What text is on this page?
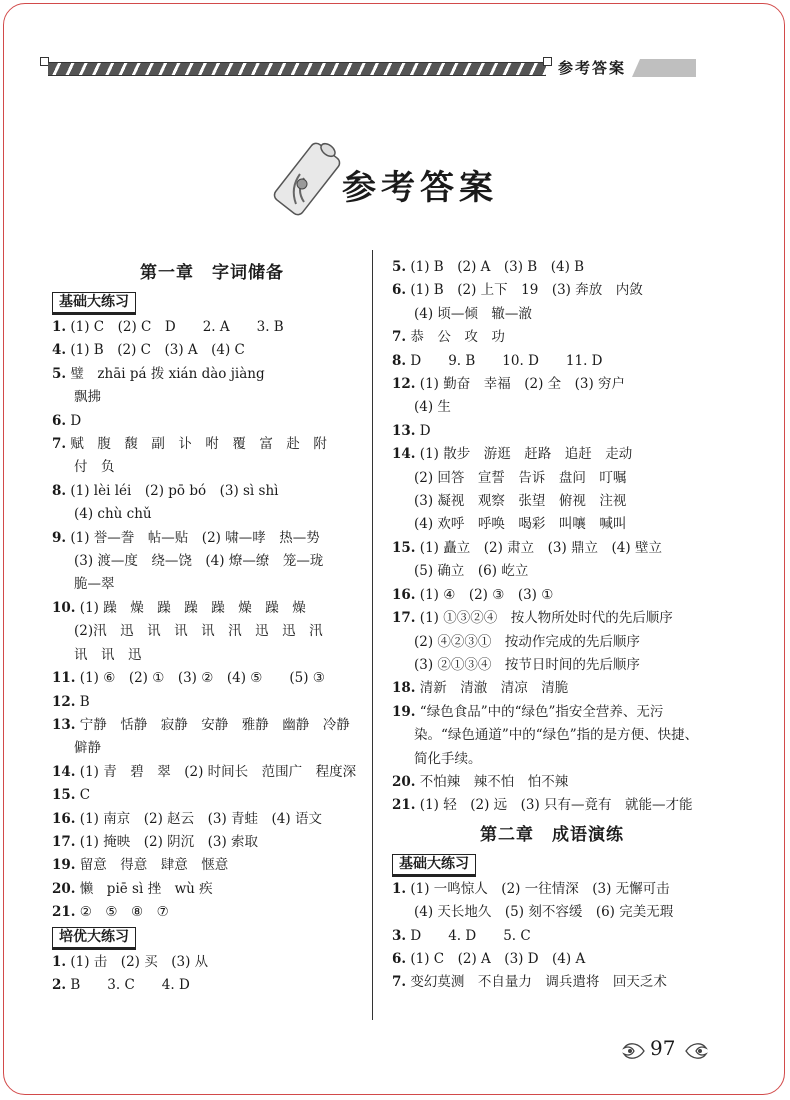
参考答案
参考答案
第一章　字词储备
基础大练习
1. (1) C　(2) C　D　　2. A　　3. B
4. (1) B　(2) C　(3) A　(4) C
5. 璧　zhāi pá 拨 xián dào jiàng
飘拂
6. D
7. 赋　腹　馥　副　讣　咐　覆　富　赴　附
付　负
8. (1) lèi léi　(2) pō bó　(3) sì shì
(4) chù chǔ
9. (1) 誉—誊　帖—贴　(2) 啸—哮　热—势
(3) 渡—度　绕—饶　(4) 燎—缭　笼—珑
脆—翠
10. (1) 躁　燥　躁　躁　躁　燥　躁　燥
(2)汛　迅　讯　讯　讯　汛　迅　迅　汛
讯　讯　迅
11. (1) ⑥　(2) ①　(3) ②　(4) ⑤　　(5) ③
12. B
13. 宁静　恬静　寂静　安静　雅静　幽静　冷静
僻静
14. (1) 青　碧　翠　(2) 时间长　范围广　程度深
15. C
16. (1) 南京　(2) 赵云　(3) 青蛙　(4) 语文
17. (1) 掩映　(2) 阴沉　(3) 索取
19. 留意　得意　肆意　惬意
20. 懒　piē sì 挫　wù 疾
21. ②　⑤　⑧　⑦
培优大练习
1. (1) 击　(2) 买　(3) 从
2. B　　3. C　　4. D
5. (1) B　(2) A　(3) B　(4) B
6. (1) B　(2) 上下　19　(3) 奔放　内敛
(4) 顷—倾　辙—澈
7. 恭　公　攻　功
8. D　　9. B　　10. D　　11. D
12. (1) 勤奋　幸福　(2) 全　(3) 穷户
(4) 生
13. D
14. (1) 散步　游逛　赶路　追赶　走动
(2) 回答　宣誓　告诉　盘问　叮嘱
(3) 凝视　观察　张望　俯视　注视
(4) 欢呼　呼唤　喝彩　叫嚷　喊叫
15. (1) 矗立　(2) 肃立　(3) 鼎立　(4) 壁立
(5) 确立　(6) 屹立
16. (1) ④　(2) ③　(3) ①
17. (1) ①③②④　按人物所处时代的先后顺序
(2) ④②③①　按动作完成的先后顺序
(3) ②①③④　按节日时间的先后顺序
18. 清新　清澈　清凉　清脆
19. “绿色食品”中的“绿色”指安全营养、无污
染。“绿色通道”中的“绿色”指的是方便、快捷、
简化手续。
20. 不怕辣　辣不怕　怕不辣
21. (1) 轻　(2) 远　(3) 只有—竟有　就能—才能
第二章　成语演练
基础大练习
1. (1) 一鸣惊人　(2) 一往情深　(3) 无懈可击
(4) 天长地久　(5) 刻不容缓　(6) 完美无瑕
3. D　　4. D　　5. C
6. (1) C　(2) A　(3) D　(4) A
7. 变幻莫测　不自量力　调兵遣将　回天乏术
97
